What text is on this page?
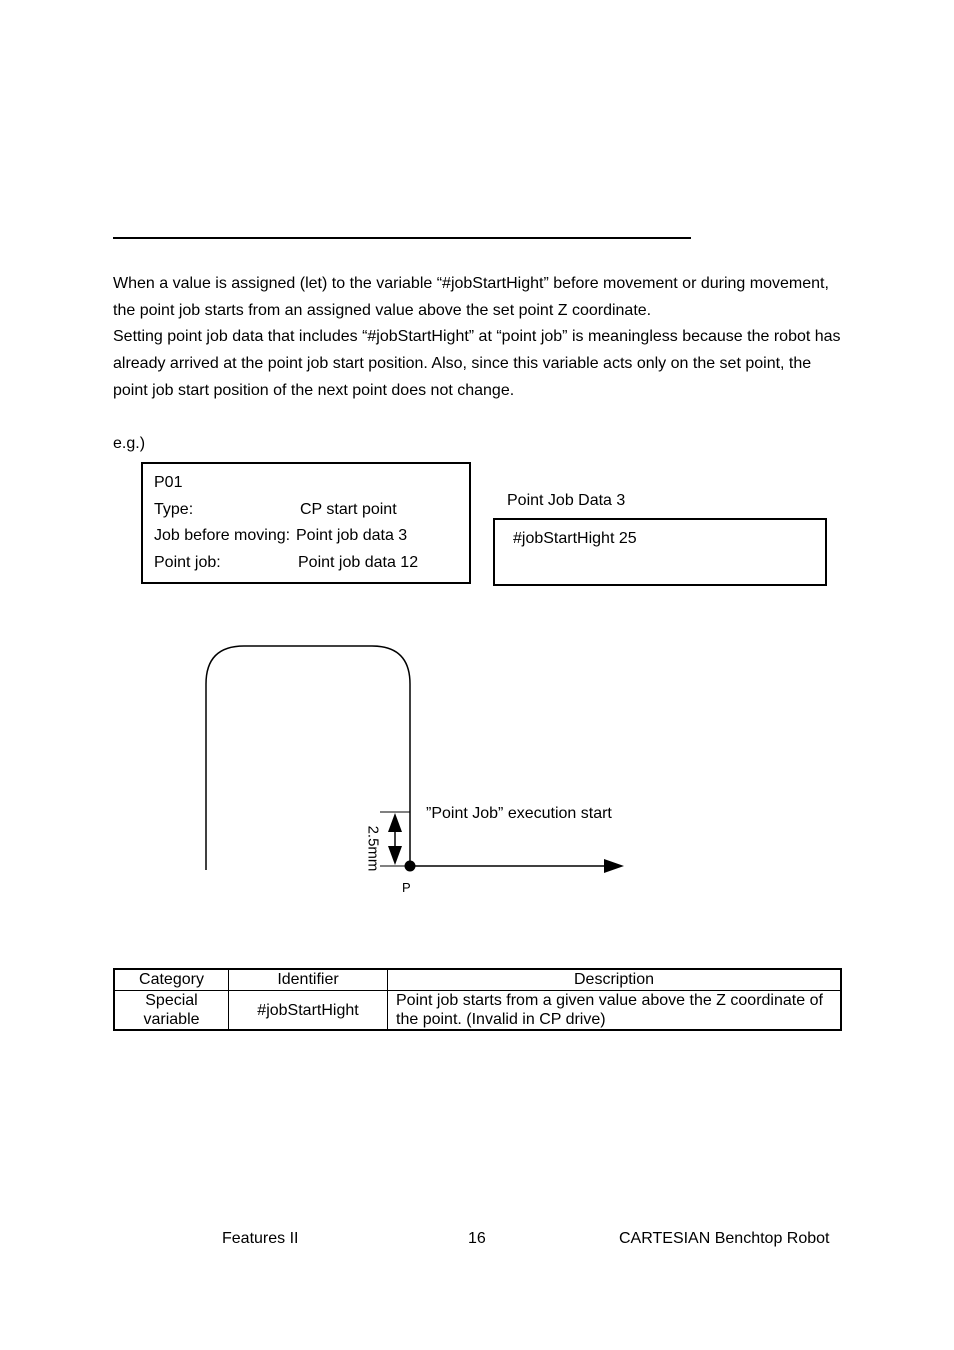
When a value is assigned (let) to the variable “#jobStartHight” before movement or during movement, the point job starts from an assigned value above the set point Z coordinate.

Setting point job data that includes “#jobStartHight” at “point job” is meaningless because the robot has already arrived at the point job start position. Also, since this variable acts only on the set point, the point job start position of the next point does not change.

e.g.)
P01
Type:	CP start point
Job before moving: Point job data 3
Point job:	Point job data 12
Point Job Data 3
#jobStartHight 25
”Point Job” execution start
2.5mm
P
Category	Identifier	Description
Special variable	#jobStartHight	Point job starts from a given value above the Z coordinate of the point. (Invalid in CP drive)
Features II	16	CARTESIAN Benchtop Robot
